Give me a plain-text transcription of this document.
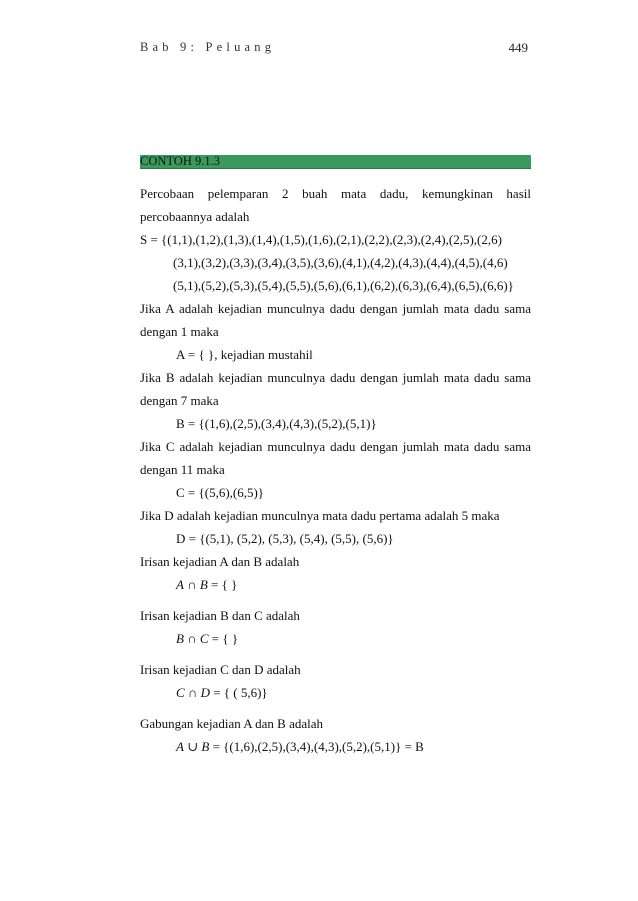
Bab 9: Peluang	449
CONTOH 9.1.3
Percobaan pelemparan 2 buah mata dadu, kemungkinan hasil
percobaannya adalah
S = {(1,1),(1,2),(1,3),(1,4),(1,5),(1,6),(2,1),(2,2),(2,3),(2,4),(2,5),(2,6)
(3,1),(3,2),(3,3),(3,4),(3,5),(3,6),(4,1),(4,2),(4,3),(4,4),(4,5),(4,6)
(5,1),(5,2),(5,3),(5,4),(5,5),(5,6),(6,1),(6,2),(6,3),(6,4),(6,5),(6,6)}
Jika A adalah kejadian munculnya dadu dengan jumlah mata dadu sama
dengan 1 maka
A = { }, kejadian mustahil
Jika B adalah kejadian munculnya dadu dengan jumlah mata dadu sama
dengan 7 maka
B = {(1,6),(2,5),(3,4),(4,3),(5,2),(5,1)}
Jika C adalah kejadian munculnya dadu dengan jumlah mata dadu sama
dengan 11 maka
C = {(5,6),(6,5)}
Jika D adalah kejadian munculnya mata dadu pertama adalah 5 maka
D = {(5,1), (5,2), (5,3), (5,4), (5,5), (5,6)}
Irisan kejadian A dan B adalah
A ∩ B = { }
Irisan kejadian B dan C adalah
B ∩ C = { }
Irisan kejadian C dan D adalah
C ∩ D = { ( 5,6)}
Gabungan kejadian A dan B adalah
A ∪ B = {(1,6),(2,5),(3,4),(4,3),(5,2),(5,1)} = B
